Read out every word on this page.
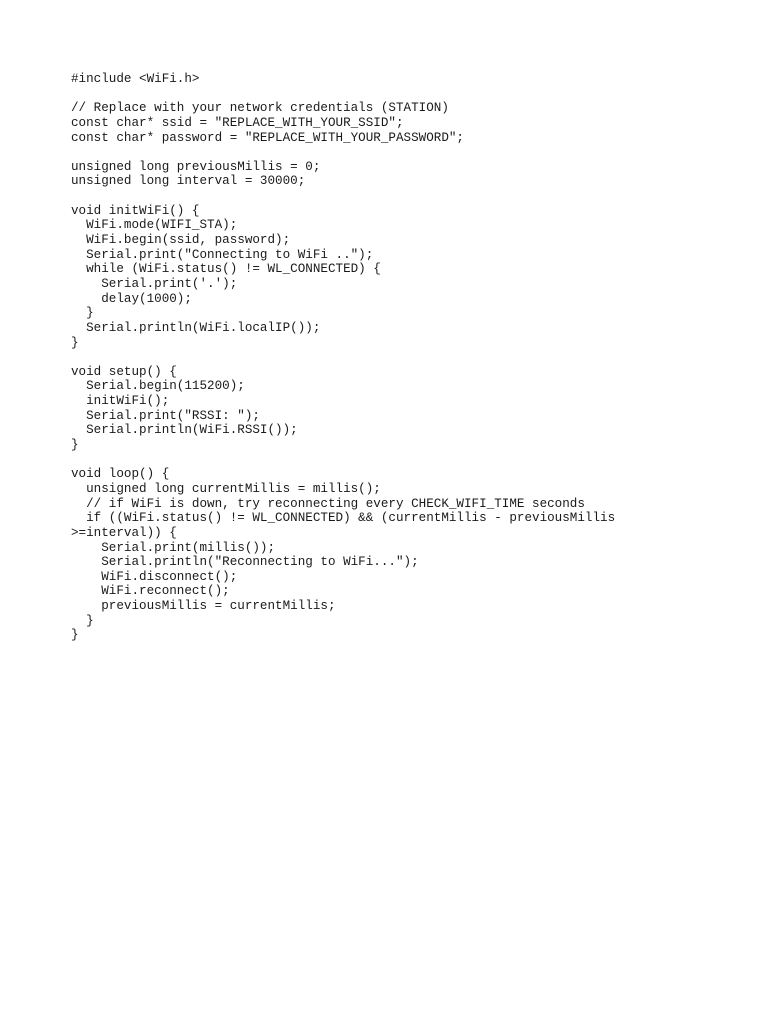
#include <WiFi.h>
// Replace with your network credentials (STATION)
const char* ssid = "REPLACE_WITH_YOUR_SSID";
const char* password = "REPLACE_WITH_YOUR_PASSWORD";
unsigned long previousMillis = 0;
unsigned long interval = 30000;
void initWiFi() {
WiFi.mode(WIFI_STA);
WiFi.begin(ssid, password);
Serial.print("Connecting to WiFi ..");
while (WiFi.status() != WL_CONNECTED) {
Serial.print('.');
delay(1000);
}
Serial.println(WiFi.localIP());
}
void setup() {
Serial.begin(115200);
initWiFi();
Serial.print("RSSI: ");
Serial.println(WiFi.RSSI());
}
void loop() {
unsigned long currentMillis = millis();
// if WiFi is down, try reconnecting every CHECK_WIFI_TIME seconds
if ((WiFi.status() != WL_CONNECTED) && (currentMillis - previousMillis
>=interval)) {
Serial.print(millis());
Serial.println("Reconnecting to WiFi...");
WiFi.disconnect();
WiFi.reconnect();
previousMillis = currentMillis;
}
}
